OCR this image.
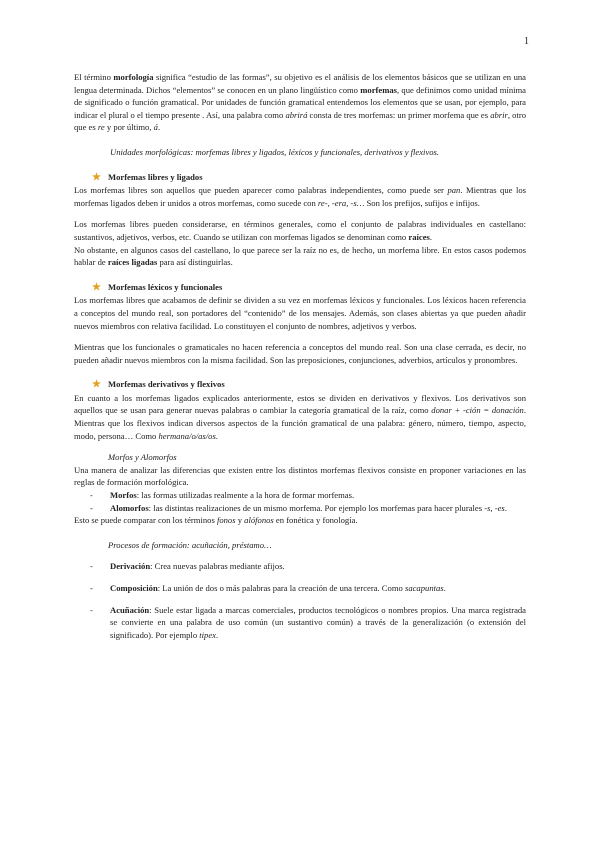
1

El término morfología significa “estudio de las formas”, su objetivo es el análisis de los elementos básicos que se utilizan en una lengua determinada. Dichos “elementos” se conocen en un plano lingüístico como morfemas, que definimos como unidad mínima de significado o función gramatical. Por unidades de función gramatical entendemos los elementos que se usan, por ejemplo, para indicar el plural o el tiempo presente . Así, una palabra como abrirá consta de tres morfemas: un primer morfema que es abrir, otro que es re y por último, á.

Unidades morfológicas: morfemas libres y ligados, léxicos y funcionales, derivativos y flexivos.

★ Morfemas libres y ligados

Los morfemas libres son aquellos que pueden aparecer como palabras independientes, como puede ser pan. Mientras que los morfemas ligados deben ir unidos a otros morfemas, como sucede con re-, -era, -s… Son los prefijos, sufijos e infijos.

Los morfemas libres pueden considerarse, en términos generales, como el conjunto de palabras individuales en castellano: sustantivos, adjetivos, verbos, etc. Cuando se utilizan con morfemas ligados se denominan como raíces.

No obstante, en algunos casos del castellano, lo que parece ser la raíz no es, de hecho, un morfema libre. En estos casos podemos hablar de raíces ligadas para así distinguirlas.

★ Morfemas léxicos y funcionales

Los morfemas libres que acabamos de definir se dividen a su vez en morfemas léxicos y funcionales. Los léxicos hacen referencia a conceptos del mundo real, son portadores del “contenido” de los mensajes. Además, son clases abiertas ya que pueden añadir nuevos miembros con relativa facilidad. Lo constituyen el conjunto de nombres, adjetivos y verbos.

Mientras que los funcionales o gramaticales no hacen referencia a conceptos del mundo real. Son una clase cerrada, es decir, no pueden añadir nuevos miembros con la misma facilidad. Son las preposiciones, conjunciones, adverbios, artículos y pronombres.

★ Morfemas derivativos y flexivos

En cuanto a los morfemas ligados explicados anteriormente, estos se dividen en derivativos y flexivos. Los derivativos son aquellos que se usan para generar nuevas palabras o cambiar la categoría gramatical de la raíz, como donar + -ción = donación. Mientras que los flexivos indican diversos aspectos de la función gramatical de una palabra: género, número, tiempo, aspecto, modo, persona… Como hermana/o/as/os.

Morfos y Alomorfos

Una manera de analizar las diferencias que existen entre los distintos morfemas flexivos consiste en proponer variaciones en las reglas de formación morfológica.

-	Morfos: las formas utilizadas realmente a la hora de formar morfemas.
-	Alomorfos: las distintas realizaciones de un mismo morfema. Por ejemplo los morfemas para hacer plurales -s, -es.

Esto se puede comparar con los términos fonos y alófonos en fonética y fonología.

Procesos de formación: acuñación, préstamo…

-	Derivación: Crea nuevas palabras mediante afijos.
-	Composición: La unión de dos o más palabras para la creación de una tercera. Como sacapuntas.
-	Acuñación: Suele estar ligada a marcas comerciales, productos tecnológicos o nombres propios. Una marca registrada se convierte en una palabra de uso común (un sustantivo común) a través de la generalización (o extensión del significado). Por ejemplo tipex.
